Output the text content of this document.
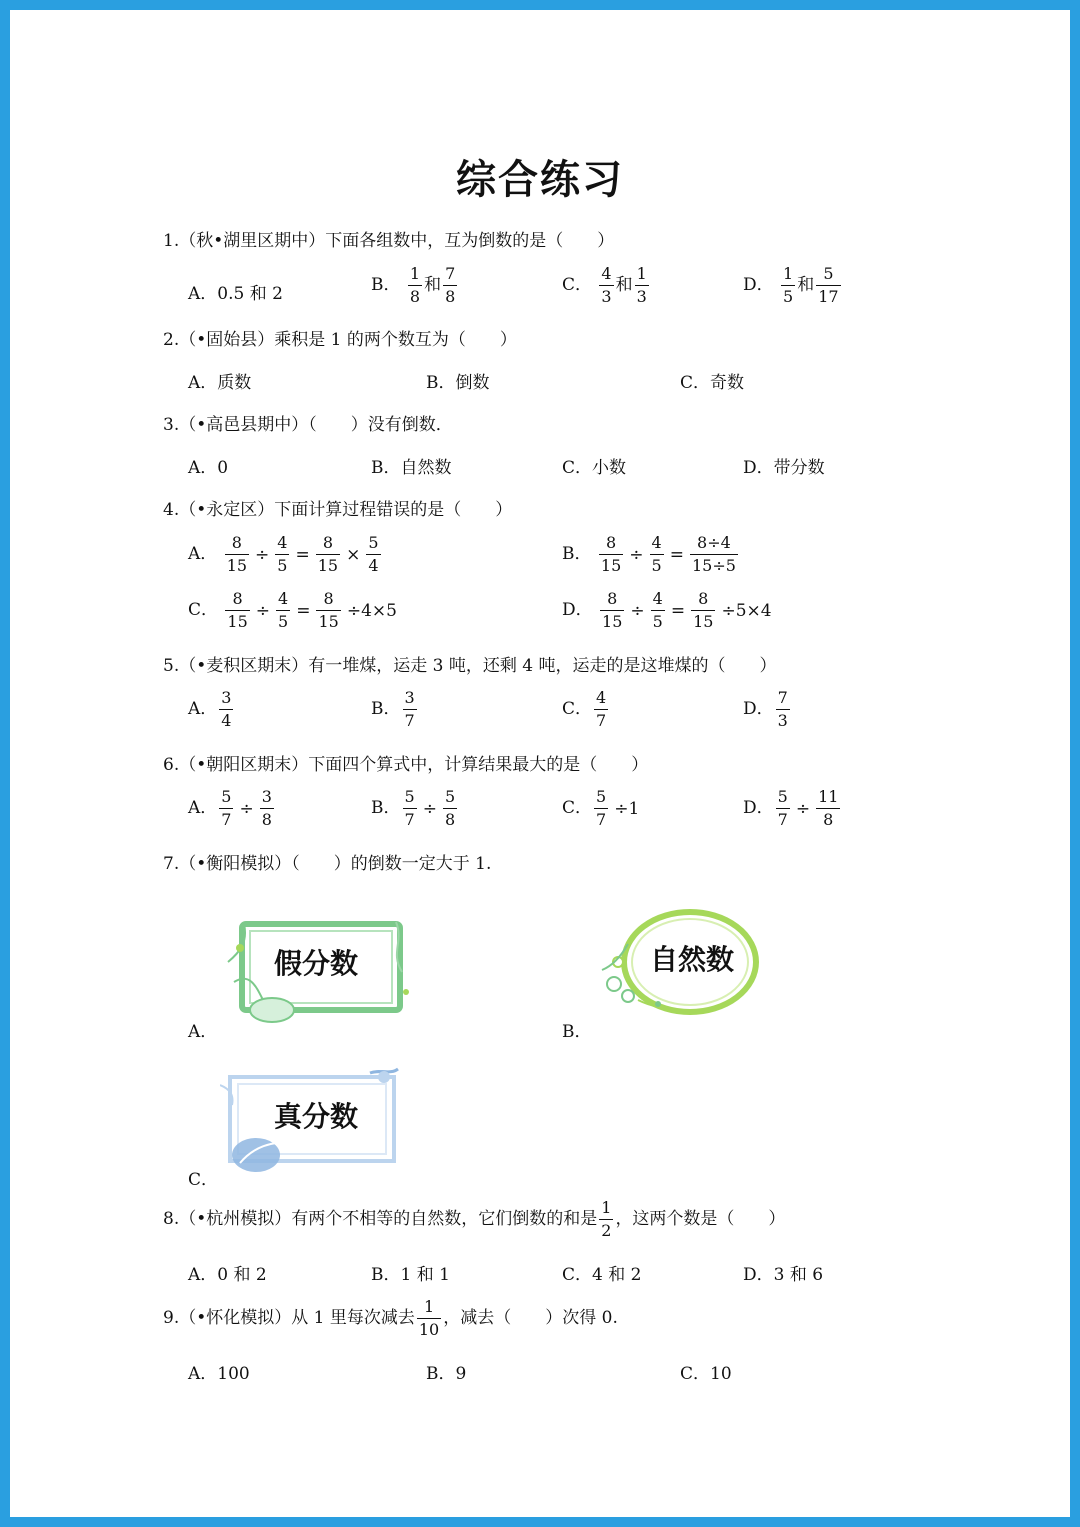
综合练习
1.（秋•湖里区期中）下面各组数中，互为倒数的是（　　）
A．0.5 和 2	B． $\frac{1}{8}$ 和 $\frac{7}{8}$	C． $\frac{4}{3}$ 和 $\frac{1}{3}$	D． $\frac{1}{5}$ 和 $\frac{5}{17}$
2.（•固始县）乘积是 1 的两个数互为（　　）
A．质数	B．倒数	C．奇数
3.（•高邑县期中）（　　）没有倒数．
A．0	B．自然数	C．小数	D．带分数
4.（•永定区）下面计算过程错误的是（　　）
A． $\frac{8}{15} \div \frac{4}{5} = \frac{8}{15} \times \frac{5}{4}$	B． $\frac{8}{15} \div \frac{4}{5} = \frac{8\div 4}{15\div 5}$
C． $\frac{8}{15} \div \frac{4}{5} = \frac{8}{15} \div 4\times 5$	D． $\frac{8}{15} \div \frac{4}{5} = \frac{8}{15} \div 5\times 4$
5.（•麦积区期末）有一堆煤，运走 3 吨，还剩 4 吨，运走的是这堆煤的（　　）
A． $\frac{3}{4}$	B． $\frac{3}{7}$	C． $\frac{4}{7}$	D． $\frac{7}{3}$
6.（•朝阳区期末）下面四个算式中，计算结果最大的是（　　）
A． $\frac{5}{7} \div \frac{3}{8}$	B． $\frac{5}{7} \div \frac{5}{8}$	C． $\frac{5}{7} \div 1$	D． $\frac{5}{7} \div \frac{11}{8}$
7.（•衡阳模拟）（　　）的倒数一定大于 1.
A．
假分数
B．
自然数
C．
真分数
8.（•杭州模拟）有两个不相等的自然数，它们倒数的和是 $\frac{1}{2}$ ，这两个数是（　　）
A．0 和 2	B．1 和 1	C．4 和 2	D．3 和 6
9.（•怀化模拟）从 1 里每次减去 $\frac{1}{10}$ ，减去（　　）次得 0.
A．100	B．9	C．10
